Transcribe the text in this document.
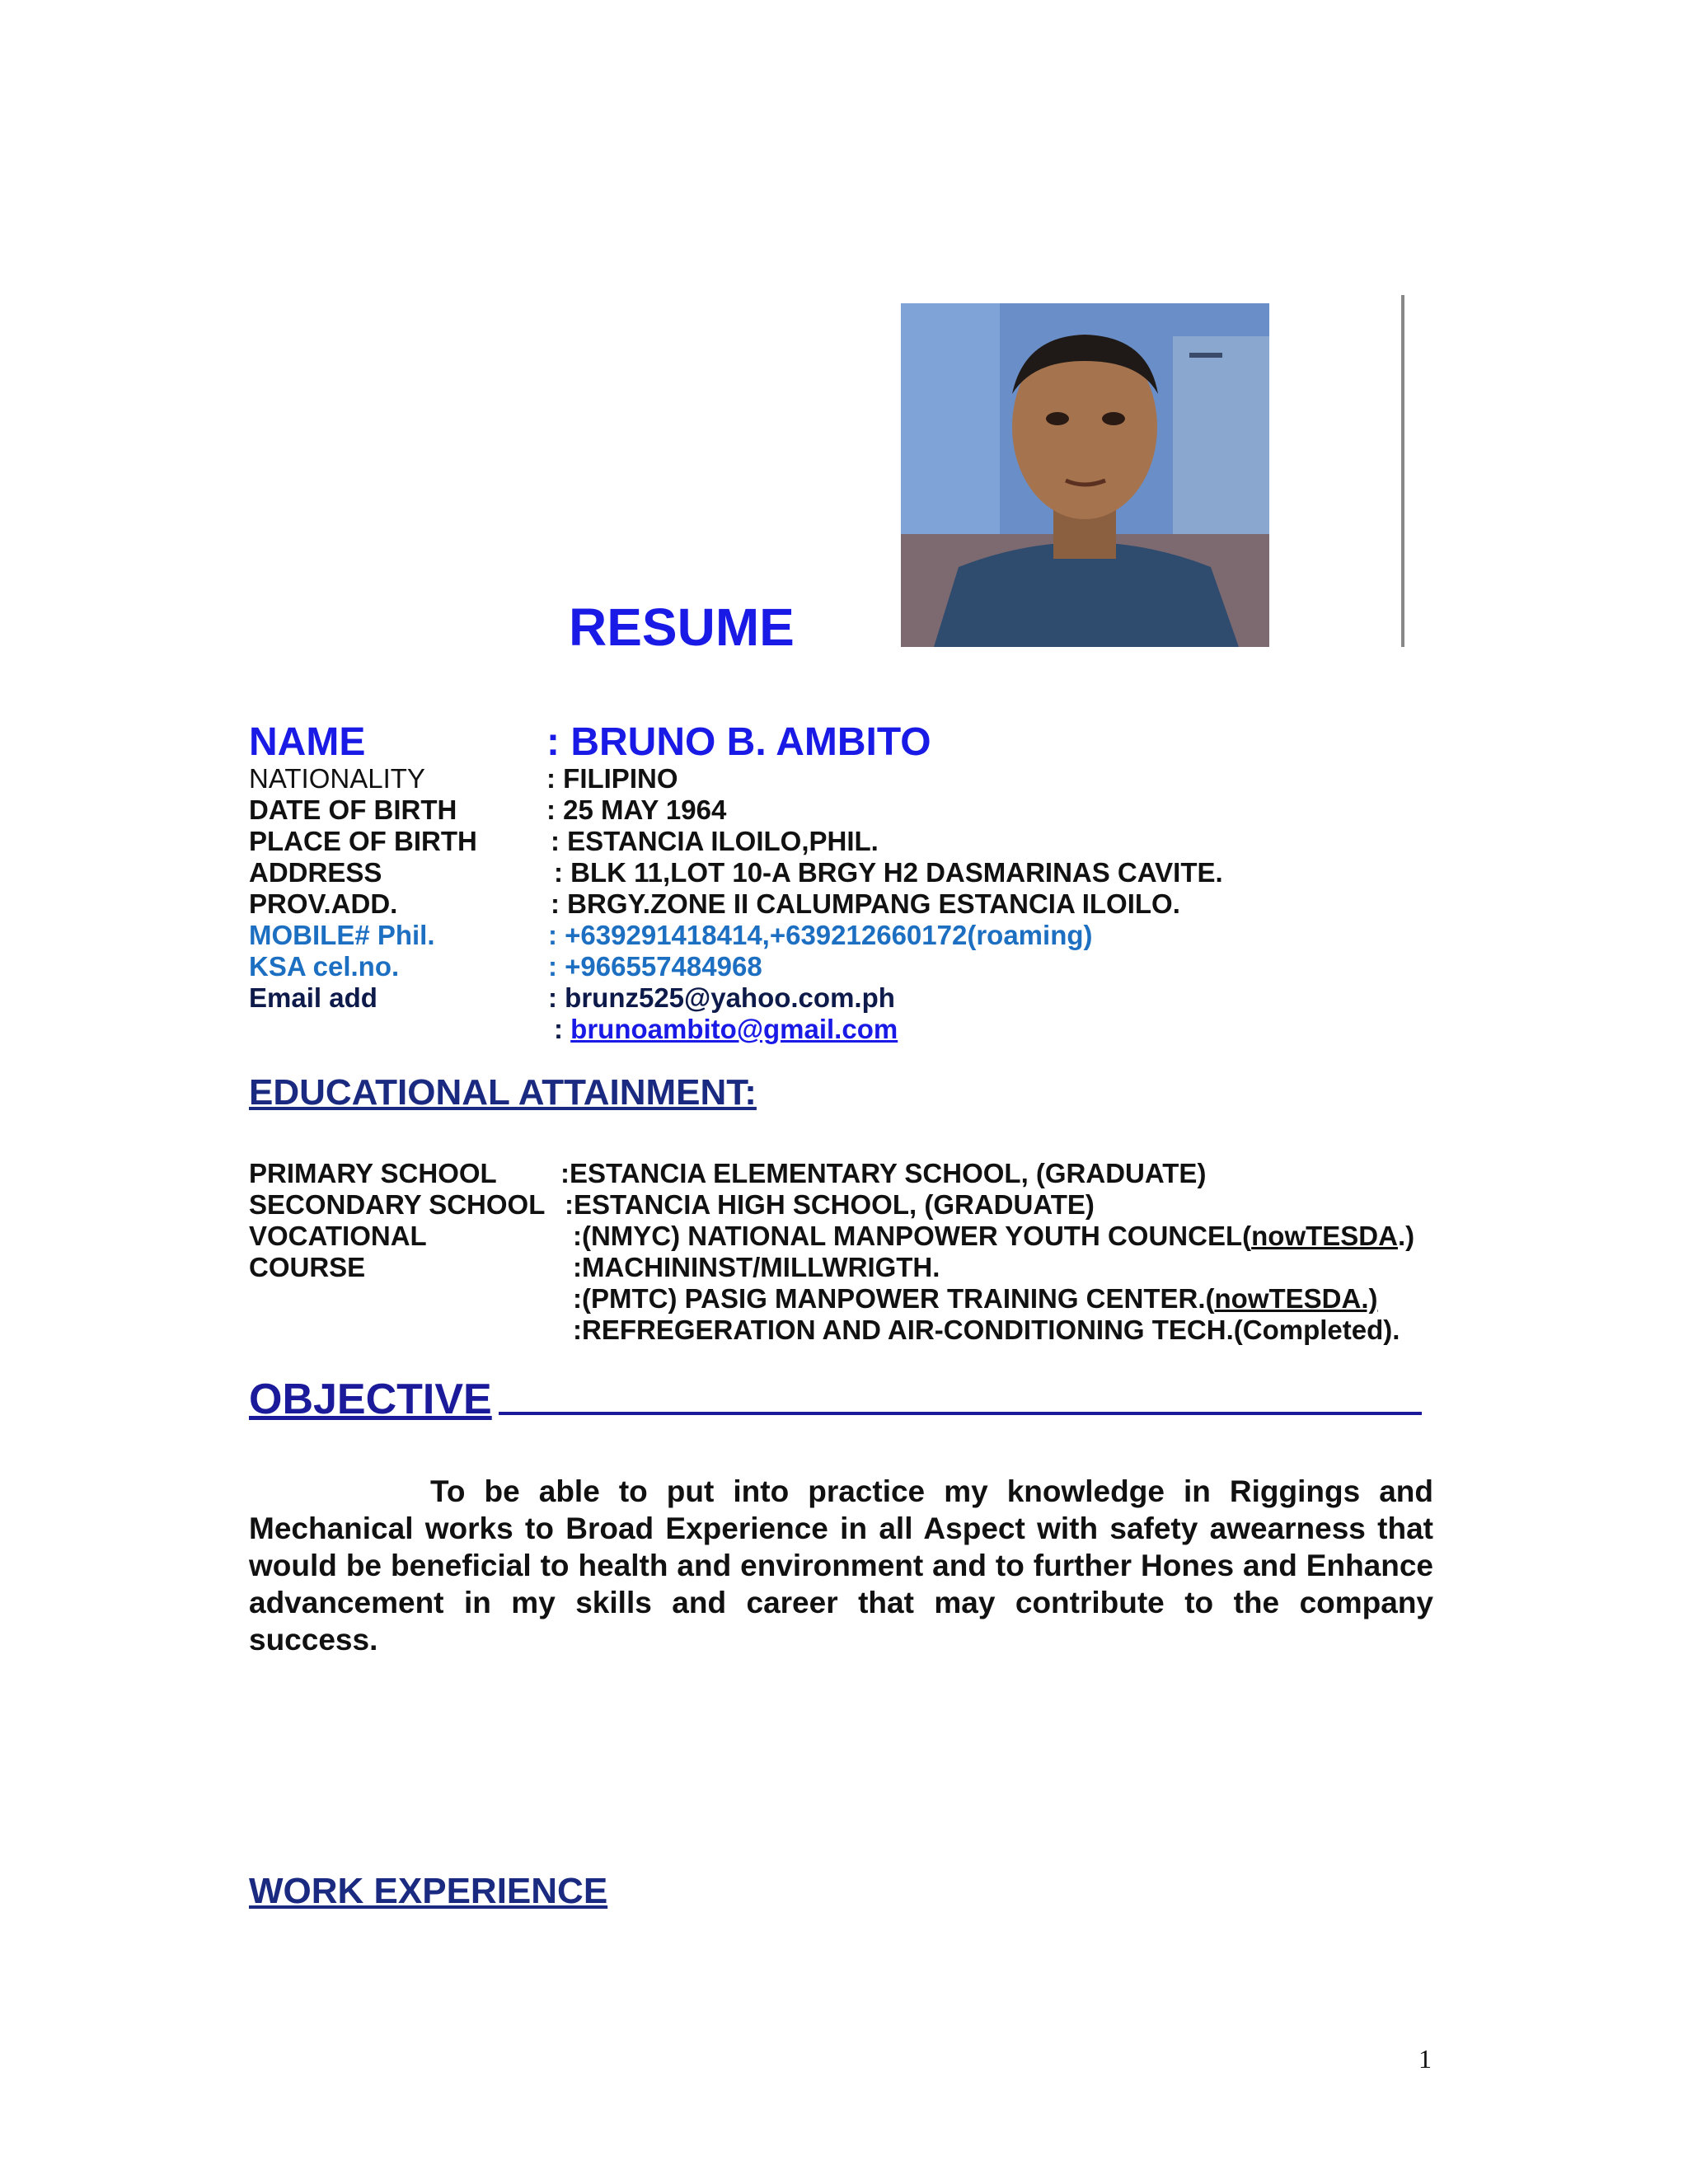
RESUME
NAME	: BRUNO B. AMBITO
NATIONALITY	: FILIPINO
DATE OF BIRTH	: 25 MAY 1964
PLACE OF BIRTH	: ESTANCIA ILOILO,PHIL.
ADDRESS	: BLK 11,LOT 10-A BRGY H2 DASMARINAS CAVITE.
PROV.ADD.	: BRGY.ZONE II CALUMPANG ESTANCIA ILOILO.
MOBILE# Phil.	: +639291418414,+639212660172(roaming)
KSA cel.no.	: +966557484968
Email add	: brunz525@yahoo.com.ph
: brunoambito@gmail.com
EDUCATIONAL ATTAINMENT:
PRIMARY SCHOOL :ESTANCIA ELEMENTARY SCHOOL, (GRADUATE)
SECONDARY SCHOOL :ESTANCIA HIGH SCHOOL, (GRADUATE)
VOCATIONAL	:(NMYC) NATIONAL MANPOWER YOUTH COUNCEL(nowTESDA.)
COURSE	:MACHININST/MILLWRIGTH.
:(PMTC) PASIG MANPOWER TRAINING CENTER.(nowTESDA.)
:REFREGERATION AND AIR-CONDITIONING TECH.(Completed).
OBJECTIVE
To be able to put into practice my knowledge in Riggings and Mechanical works to Broad Experience in all Aspect with safety awearness that would be beneficial to health and environment and to further Hones and Enhance advancement in my skills and career that may contribute to the company success.
WORK EXPERIENCE
1
